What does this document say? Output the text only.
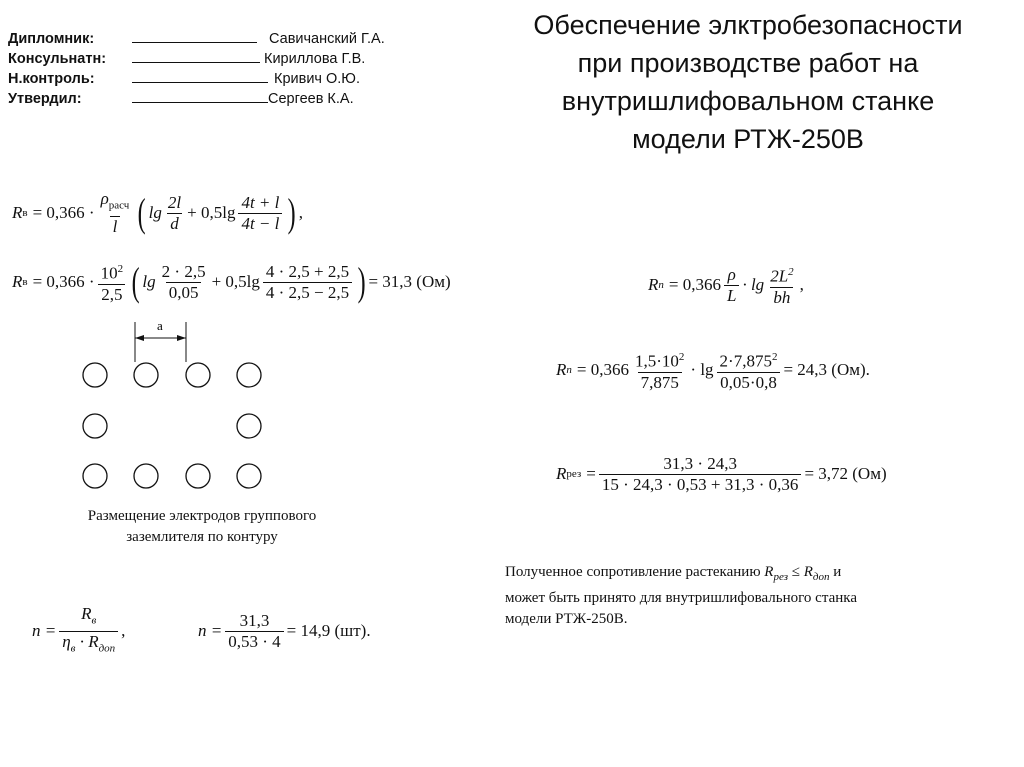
Дипломник:	Савичанский Г.А.
Консульнатн:	Кириллова Г.В.
Н.контроль:	Кривич О.Ю.
Утвердил:	Сергеев К.А.
Обеспечение элктробезопасности
при производстве работ на
внутришлифовальном станке
модели РТЖ-250В
R $в = 0,366 \cdot \frac{\rho_{расч}}{l}$ ( $\lg \frac{2l}{d} + 0,5\lg \frac{4t + l}{4t - l}$ ) ,
R $в = 0,366 \cdot \frac{10^2}{2,5}$ ( $\lg \frac{2 \cdot 2,5}{0,05} + 0,5\lg \frac{4 \cdot 2,5 + 2,5}{4 \cdot 2,5 - 2,5}$ ) = 31,3 (Ом)
a
Размещение электродов группового
заземлителя по контуру
$n = \frac{R_в}{\eta_в \cdot R_{доп}}$ ,	$n = \frac{31,3}{0,53 \cdot 4} = 14,9$ (шт).
R $п = 0,366 \frac{\rho}{L} \cdot \lg \frac{2L^2}{bh}$ ,
R $п = 0,366 \frac{1,5\cdot 10^2}{7,875} \cdot \lg \frac{2\cdot 7,875^2}{0,05\cdot 0,8} = 24,3$ (Ом).
R рез = $\frac{31,3 \cdot 24,3}{15 \cdot 24,3 \cdot 0,53 + 31,3 \cdot 0,36} = 3,72$ (Ом)
Полученное сопротивление растеканию $R_{рез} \le R_{доп}$ и
может быть принято для внутришлифовального станка
модели РТЖ-250В.
